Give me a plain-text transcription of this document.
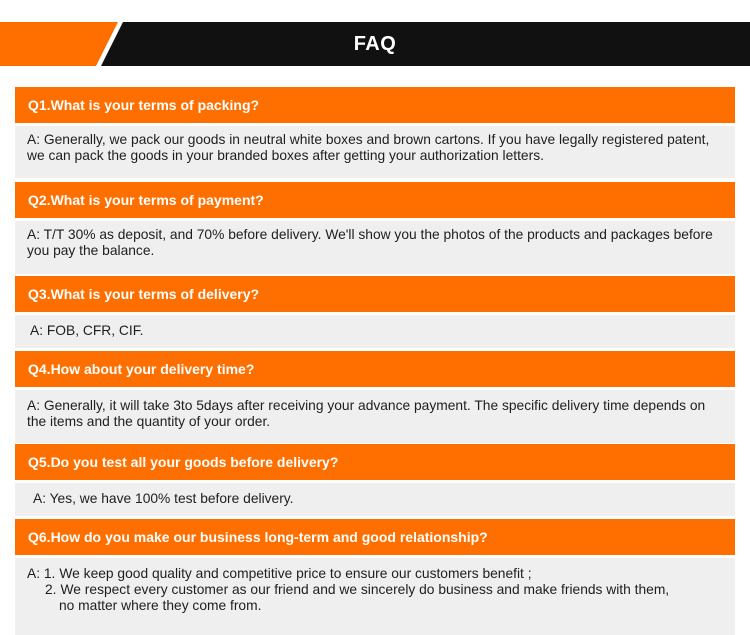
FAQ
Q1.What is your terms of packing?

A: Generally, we pack our goods in neutral white boxes and brown cartons. If you have legally registered patent, we can pack the goods in your branded boxes after getting your authorization letters.

Q2.What is your terms of payment?

A: T/T 30% as deposit, and 70% before delivery. We'll show you the photos of the products and packages before you pay the balance.

Q3.What is your terms of delivery?

A: FOB, CFR, CIF.

Q4.How about your delivery time?

A: Generally, it will take 3to 5days after receiving your advance payment. The specific delivery time depends on the items and the quantity of your order.

Q5.Do you test all your goods before delivery?

A: Yes, we have 100% test before delivery.

Q6.How do you make our business long-term and good relationship?
A: 1. We keep good quality and competitive price to ensure our customers benefit ;
2. We respect every customer as our friend and we sincerely do business and make friends with them,
no matter where they come from.
